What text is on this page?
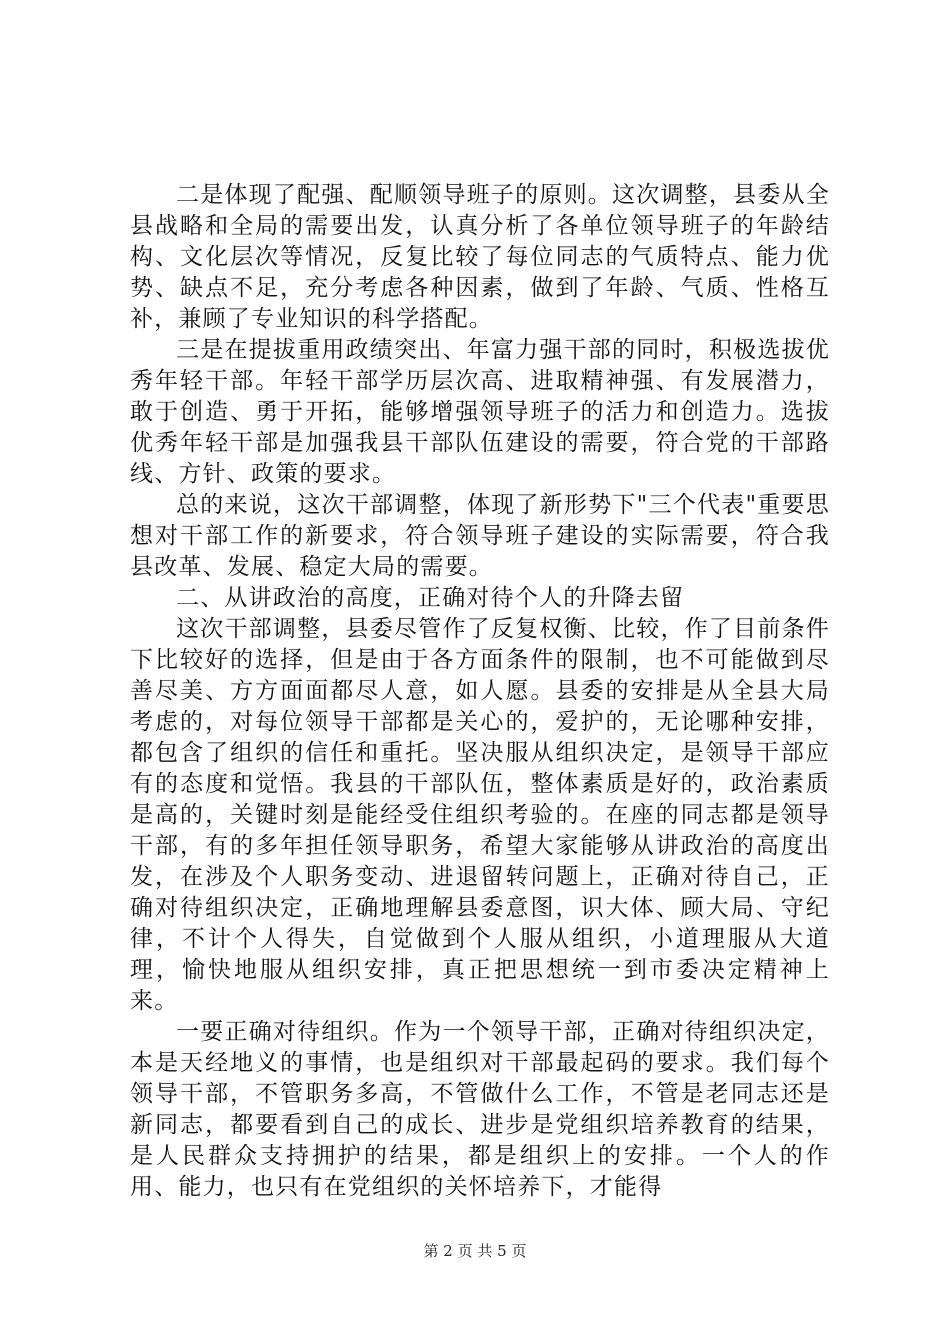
二是体现了配强、配顺领导班子的原则。这次调整，县委从全县战略和全局的需要出发，认真分析了各单位领导班子的年龄结构、文化层次等情况，反复比较了每位同志的气质特点、能力优势、缺点不足，充分考虑各种因素，做到了年龄、气质、性格互补，兼顾了专业知识的科学搭配。

三是在提拔重用政绩突出、年富力强干部的同时，积极选拔优秀年轻干部。年轻干部学历层次高、进取精神强、有发展潜力，敢于创造、勇于开拓，能够增强领导班子的活力和创造力。选拔优秀年轻干部是加强我县干部队伍建设的需要，符合党的干部路线、方针、政策的要求。

总的来说，这次干部调整，体现了新形势下"三个代表"重要思想对干部工作的新要求，符合领导班子建设的实际需要，符合我县改革、发展、稳定大局的需要。

二、从讲政治的高度，正确对待个人的升降去留

这次干部调整，县委尽管作了反复权衡、比较，作了目前条件下比较好的选择，但是由于各方面条件的限制，也不可能做到尽善尽美、方方面面都尽人意，如人愿。县委的安排是从全县大局考虑的，对每位领导干部都是关心的，爱护的，无论哪种安排，都包含了组织的信任和重托。坚决服从组织决定，是领导干部应有的态度和觉悟。我县的干部队伍，整体素质是好的，政治素质是高的，关键时刻是能经受住组织考验的。在座的同志都是领导干部，有的多年担任领导职务，希望大家能够从讲政治的高度出发，在涉及个人职务变动、进退留转问题上，正确对待自己，正确对待组织决定，正确地理解县委意图，识大体、顾大局、守纪律，不计个人得失，自觉做到个人服从组织，小道理服从大道理，愉快地服从组织安排，真正把思想统一到市委决定精神上来。

一要正确对待组织。作为一个领导干部，正确对待组织决定，本是天经地义的事情，也是组织对干部最起码的要求。我们每个领导干部，不管职务多高，不管做什么工作，不管是老同志还是新同志，都要看到自己的成长、进步是党组织培养教育的结果，是人民群众支持拥护的结果，都是组织上的安排。一个人的作用、能力，也只有在党组织的关怀培养下，才能得

第 2 页 共 5 页
